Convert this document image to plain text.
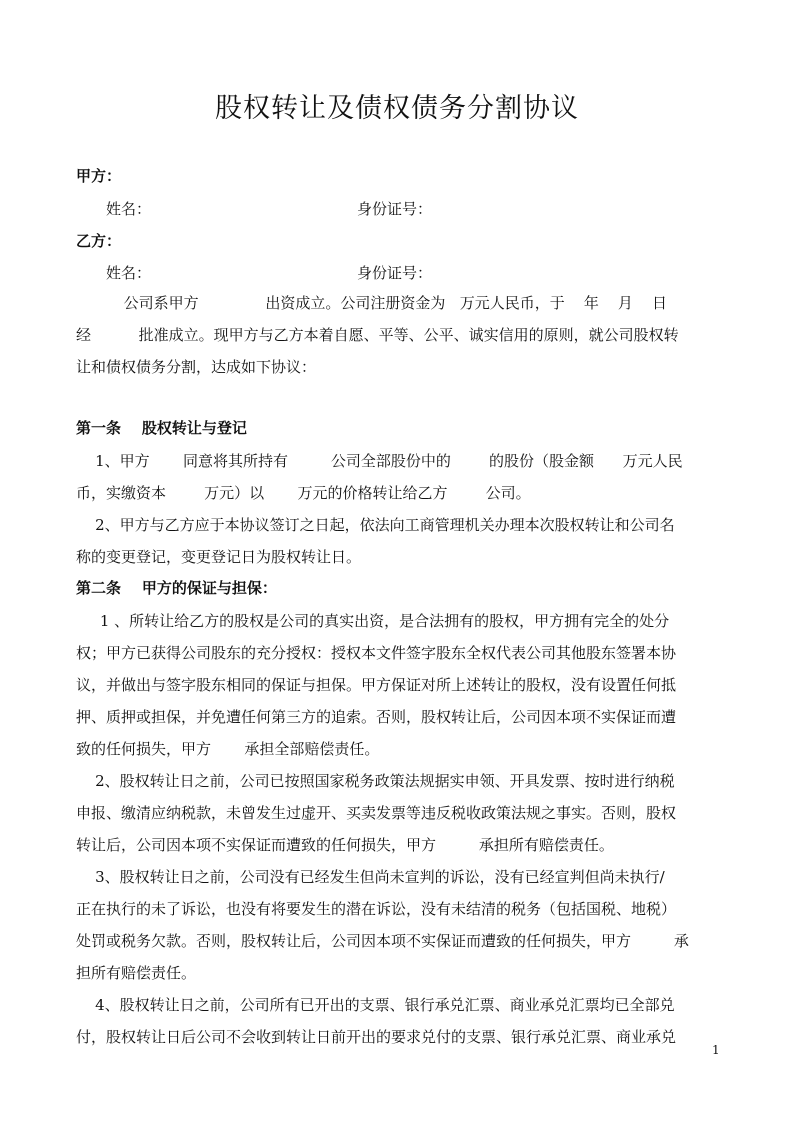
股权转让及债权债务分割协议
甲方：
姓名：	身份证号：
乙方：
姓名：	身份证号：
公司系甲方              出资成立。公司注册资金为   万元人民币，于    年    月    日
经          批准成立。现甲方与乙方本着自愿、平等、公平、诚实信用的原则，就公司股权转
让和债权债务分割，达成如下协议：
第一条    股权转让与登记
1、甲方       同意将其所持有         公司全部股份中的        的股份（股金额      万元人民
币，实缴资本        万元）以       万元的价格转让给乙方        公司。
2、甲方与乙方应于本协议签订之日起，依法向工商管理机关办理本次股权转让和公司名
称的变更登记，变更登记日为股权转让日。
第二条    甲方的保证与担保：
1 、所转让给乙方的股权是公司的真实出资，是合法拥有的股权，甲方拥有完全的处分
权；甲方已获得公司股东的充分授权：授权本文件签字股东全权代表公司其他股东签署本协
议，并做出与签字股东相同的保证与担保。甲方保证对所上述转让的股权，没有设置任何抵
押、质押或担保，并免遭任何第三方的追索。否则，股权转让后，公司因本项不实保证而遭
致的任何损失，甲方       承担全部赔偿责任。
2、股权转让日之前，公司已按照国家税务政策法规据实申领、开具发票、按时进行纳税
申报、缴清应纳税款，未曾发生过虚开、买卖发票等违反税收政策法规之事实。否则，股权
转让后，公司因本项不实保证而遭致的任何损失，甲方         承担所有赔偿责任。
3、股权转让日之前，公司没有已经发生但尚未宣判的诉讼，没有已经宣判但尚未执行/
正在执行的未了诉讼，也没有将要发生的潜在诉讼，没有未结清的税务（包括国税、地税）
处罚或税务欠款。否则，股权转让后，公司因本项不实保证而遭致的任何损失，甲方         承
担所有赔偿责任。
4、股权转让日之前，公司所有已开出的支票、银行承兑汇票、商业承兑汇票均已全部兑
付，股权转让日后公司不会收到转让日前开出的要求兑付的支票、银行承兑汇票、商业承兑
1
